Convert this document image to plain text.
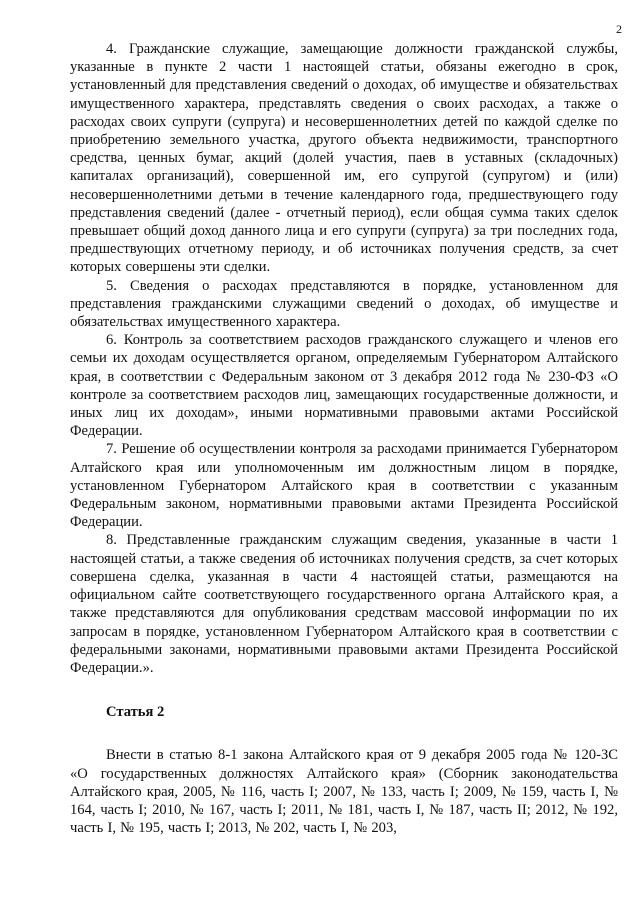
2

4. Гражданские служащие, замещающие должности гражданской службы, указанные в пункте 2 части 1 настоящей статьи, обязаны ежегодно в срок, установленный для представления сведений о доходах, об имуществе и обязательствах имущественного характера, представлять сведения о своих расходах, а также о расходах своих супруги (супруга) и несовершеннолетних детей по каждой сделке по приобретению земельного участка, другого объекта недвижимости, транспортного средства, ценных бумаг, акций (долей участия, паев в уставных (складочных) капиталах организаций), совершенной им, его супругой (супругом) и (или) несовершеннолетними детьми в течение календарного года, предшествующего году представления сведений (далее - отчетный период), если общая сумма таких сделок превышает общий доход данного лица и его супруги (супруга) за три последних года, предшествующих отчетному периоду, и об источниках получения средств, за счет которых совершены эти сделки.

5. Сведения о расходах представляются в порядке, установленном для представления гражданскими служащими сведений о доходах, об имуществе и обязательствах имущественного характера.

6. Контроль за соответствием расходов гражданского служащего и членов его семьи их доходам осуществляется органом, определяемым Губернатором Алтайского края, в соответствии с Федеральным законом от 3 декабря 2012 года № 230-ФЗ «О контроле за соответствием расходов лиц, замещающих государственные должности, и иных лиц их доходам», иными нормативными правовыми актами Российской Федерации.

7. Решение об осуществлении контроля за расходами принимается Губернатором Алтайского края или уполномоченным им должностным лицом в порядке, установленном Губернатором Алтайского края в соответствии с указанным Федеральным законом, нормативными правовыми актами Президента Российской Федерации.

8. Представленные гражданским служащим сведения, указанные в части 1 настоящей статьи, а также сведения об источниках получения средств, за счет которых совершена сделка, указанная в части 4 настоящей статьи, размещаются на официальном сайте соответствующего государственного органа Алтайского края, а также представляются для опубликования средствам массовой информации по их запросам в порядке, установленном Губернатором Алтайского края в соответствии с федеральными законами, нормативными правовыми актами Президента Российской Федерации.».

Статья 2

Внести в статью 8-1 закона Алтайского края от 9 декабря 2005 года № 120-ЗС «О государственных должностях Алтайского края» (Сборник законодательства Алтайского края, 2005, № 116, часть I; 2007, № 133, часть I; 2009, № 159, часть I, № 164, часть I; 2010, № 167, часть I; 2011, № 181, часть I, № 187, часть II; 2012, № 192, часть I, № 195, часть I; 2013, № 202, часть I, № 203,
